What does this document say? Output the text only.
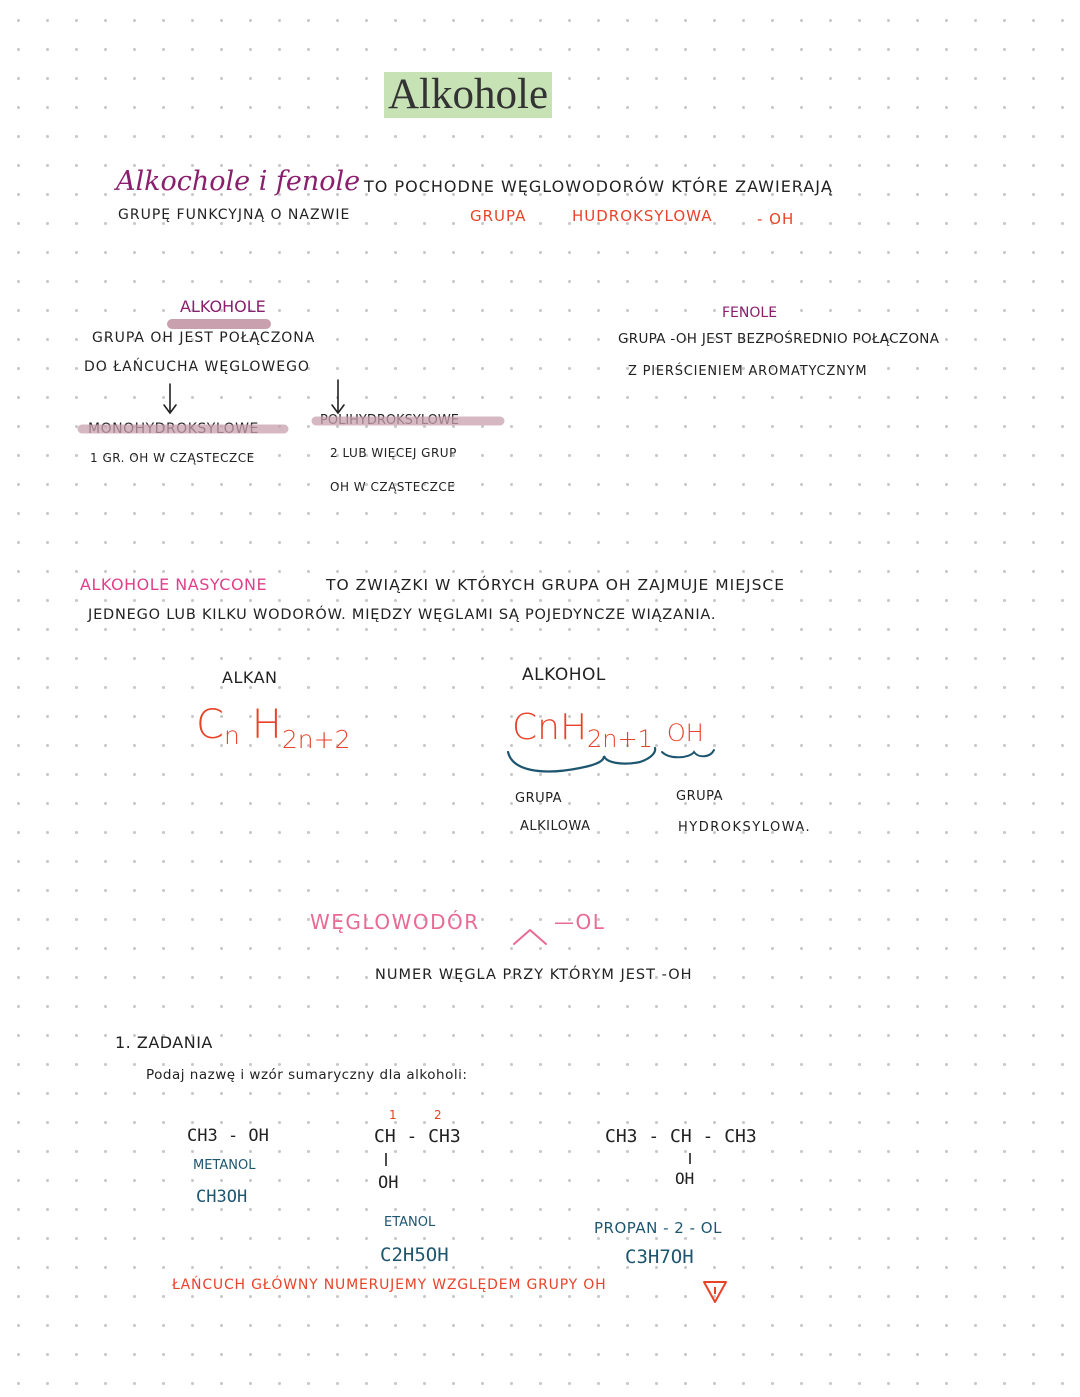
Alkohole
Alkochole i fenole TO POCHODNE WĘGLOWODORÓW KTÓRE ZAWIERAJĄ
GRUPĘ FUNKCYJNĄ O NAZWIE	GRUPA	HUDROKSYLOWA	- OH
ALKOHOLE
GRUPA OH JEST POŁĄCZONA
DO ŁAŃCUCHA WĘGLOWEGO
MONOHYDROKSYLOWE
1 GR. OH W CZĄSTECZCE
POLIHYDROKSYLOWE
2 LUB WIĘCEJ GRUP
OH W CZĄSTECZCE
FENOLE
GRUPA -OH JEST BEZPOŚREDNIO POŁĄCZONA
Z PIERŚCIENIEM AROMATYCZNYM
ALKOHOLE NASYCONE	TO ZWIĄZKI W KTÓRYCH GRUPA OH ZAJMUJE MIEJSCE
JEDNEGO LUB KILKU WODORÓW. MIĘDZY WĘGLAMI SĄ POJEDYNCZE WIĄZANIA.
ALKAN
$C_n$ $H_{2n+2}$
ALKOHOL
CnH$_{2n+1}$ OH
GRUPA
ALKILOWA
GRUPA
HYDROKSYLOWA.
WĘGLOWODÓR	—OL
NUMER WĘGLA PRZY KTÓRYM JEST -OH
1. ZADANIA
Podaj nazwę i wzór sumaryczny dla alkoholi:
CH3 - OH
METANOL
CH3OH
1	2
CH - CH3
OH
ETANOL
C2H5OH
CH3 - CH - CH3
OH
PROPAN - 2 - OL
C3H7OH
ŁAŃCUCH GŁÓWNY NUMERUJEMY WZGLĘDEM GRUPY OH
